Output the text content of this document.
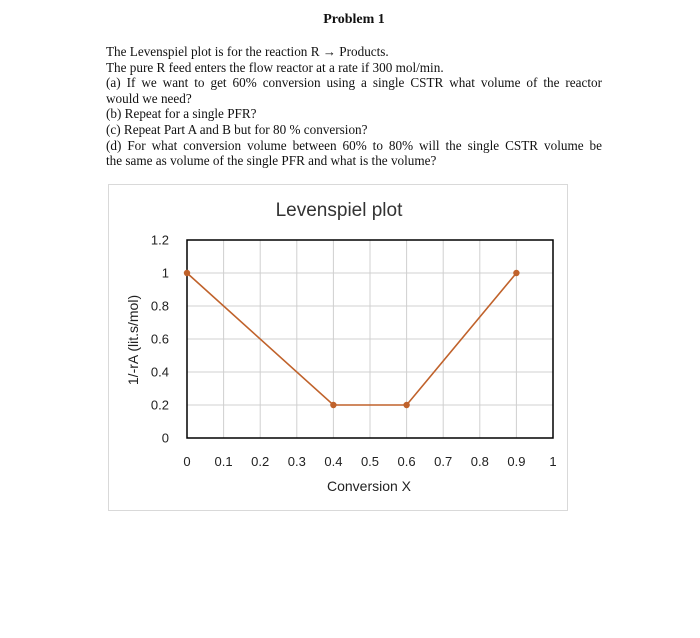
Problem 1
The Levenspiel plot is for the reaction R → Products.
The pure R feed enters the flow reactor at a rate if 300 mol/min.
(a) If we want to get 60% conversion using a single CSTR what volume of the reactor
would we need?
(b) Repeat for a single PFR?
(c) Repeat Part A and B but for 80 % conversion?
(d) For what conversion volume between 60% to 80% will the single CSTR volume be
the same as volume of the single PFR and what is the volume?
Levenspiel plot
0 0.1 0.2 0.3 0.4 0.5 0.6 0.7 0.8 0.9 1
0
0.2
0.4
0.6
0.8
1
1.2
Conversion X
1/-rA (lit.s/mol)
